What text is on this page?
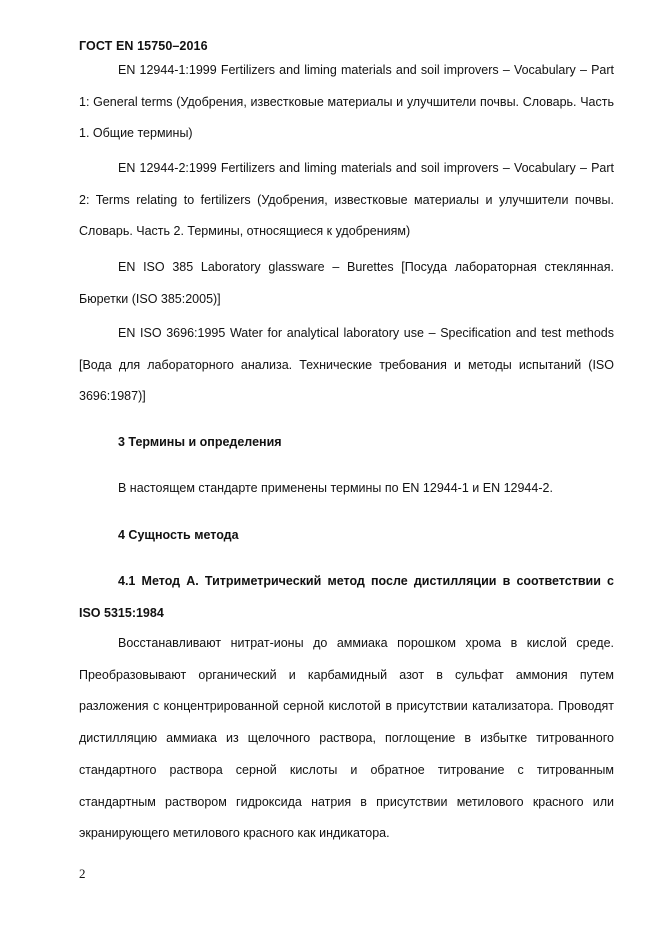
ГОСТ EN 15750–2016

EN 12944-1:1999 Fertilizers and liming materials and soil improvers – Vocabulary – Part 1: General terms (Удобрения, известковые материалы и улучшители почвы. Словарь. Часть 1. Общие термины)

EN 12944-2:1999 Fertilizers and liming materials and soil improvers – Vocabulary – Part 2: Terms relating to fertilizers (Удобрения, известковые материалы и улучшители почвы. Словарь. Часть 2. Термины, относящиеся к удобрениям)

EN ISO 385 Laboratory glassware – Burettes [Посуда лабораторная стеклянная. Бюретки (ISO 385:2005)]

EN ISO 3696:1995 Water for analytical laboratory use – Specification and test methods [Вода для лабораторного анализа. Технические требования и методы испытаний (ISO 3696:1987)]

3 Термины и определения

В настоящем стандарте применены термины по EN 12944-1 и EN 12944-2.

4 Сущность метода

4.1 Метод А. Титриметрический метод после дистилляции в соответствии с ISO 5315:1984

Восстанавливают нитрат-ионы до аммиака порошком хрома в кислой среде. Преобразовывают органический и карбамидный азот в сульфат аммония путем разложения с концентрированной серной кислотой в присутствии катализатора. Проводят дистилляцию аммиака из щелочного раствора, поглощение в избытке титрованного стандартного раствора серной кислоты и обратное титрование с титрованным стандартным раствором гидроксида натрия в присутствии метилового красного или экранирующего метилового красного как индикатора.

2
